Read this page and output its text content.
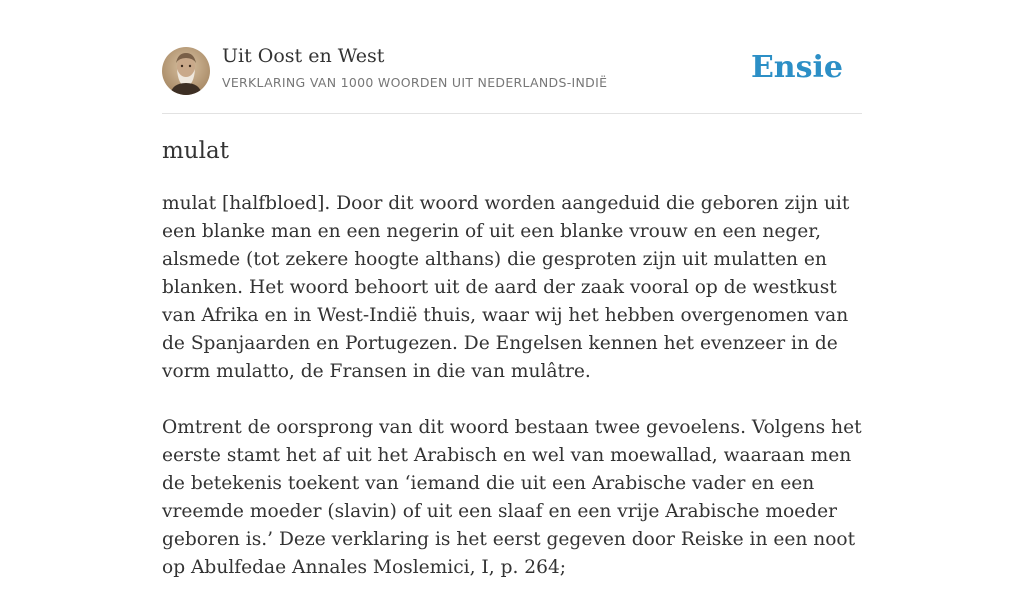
Uit Oost en West
VERKLARING VAN 1000 WOORDEN UIT NEDERLANDS-INDIË	Ensie
mulat

mulat [halfbloed]. Door dit woord worden aangeduid die geboren zijn uit een blanke man en een negerin of uit een blanke vrouw en een neger, alsmede (tot zekere hoogte althans) die gesproten zijn uit mulatten en blanken. Het woord behoort uit de aard der zaak vooral op de westkust van Afrika en in West-Indië thuis, waar wij het hebben overgenomen van de Spanjaarden en Portugezen. De Engelsen kennen het evenzeer in de vorm mulatto, de Fransen in die van mulâtre.

Omtrent de oorsprong van dit woord bestaan twee gevoelens. Volgens het eerste stamt het af uit het Arabisch en wel van moewallad, waaraan men de betekenis toekent van ‘iemand die uit een Arabische vader en een vreemde moeder (slavin) of uit een slaaf en een vrije Arabische moeder geboren is.’ Deze verklaring is het eerst gegeven door Reiske in een noot op Abulfedae Annales Moslemici, I, p. 264;
